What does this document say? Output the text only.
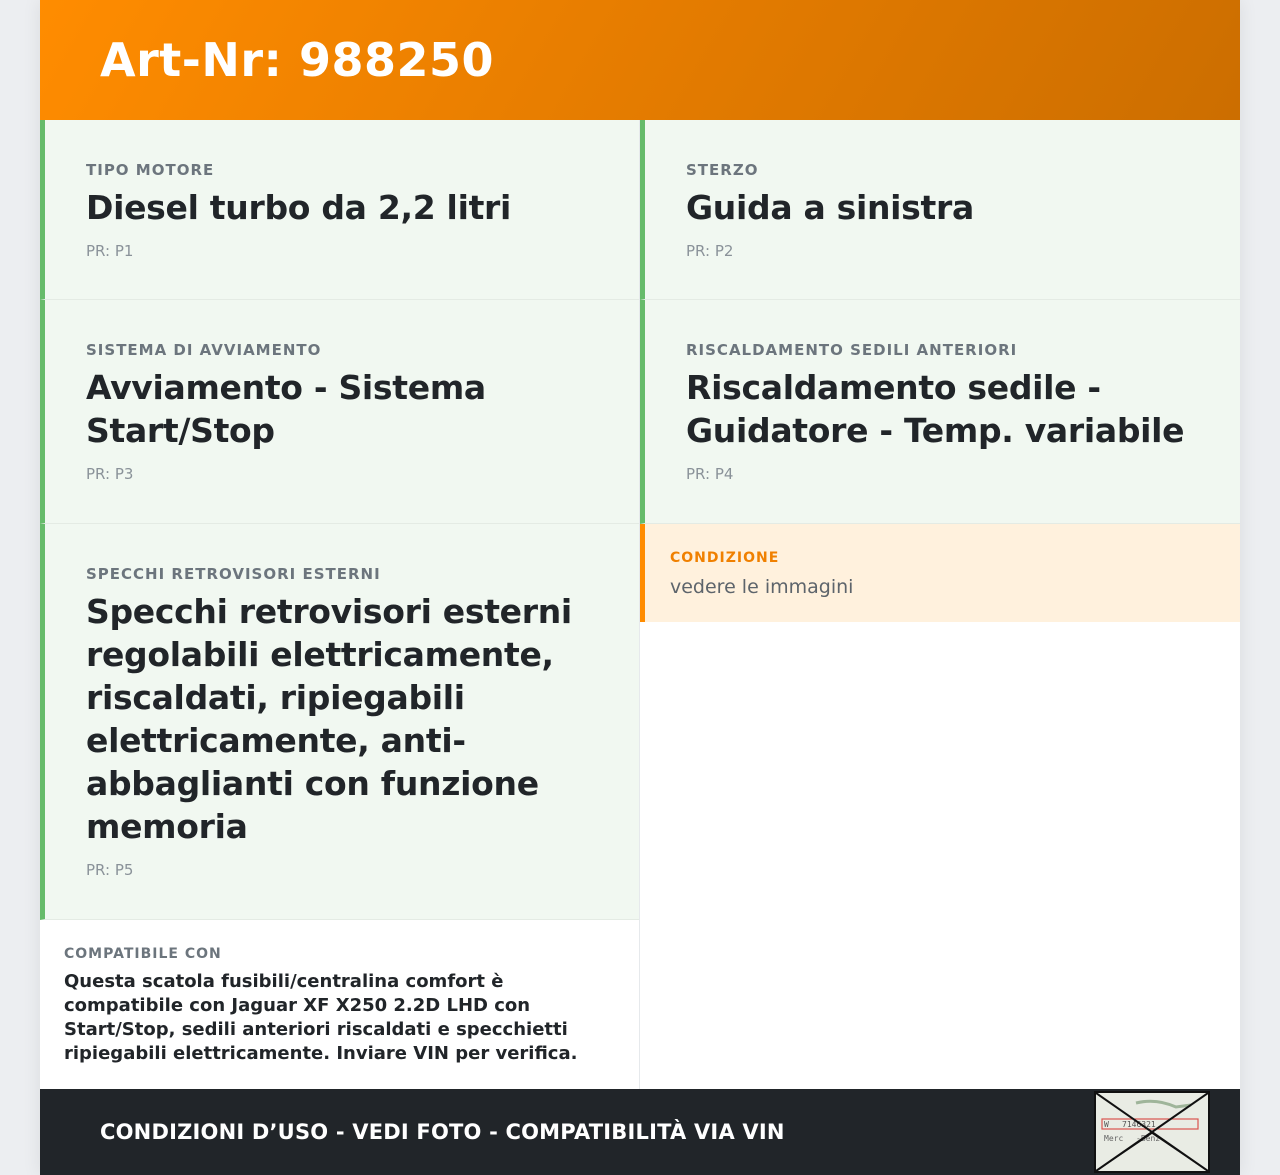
Art-Nr: 988250
TIPO MOTORE
Diesel turbo da 2,2 litri
PR: P1
SISTEMA DI AVVIAMENTO
Avviamento - Sistema Start/Stop
PR: P3
SPECCHI RETROVISORI ESTERNI
Specchi retrovisori esterni regolabili elettricamente, riscaldati, ripiegabili elettricamente, anti-abbaglianti con funzione memoria
PR: P5
COMPATIBILE CON
Questa scatola fusibili/centralina comfort è compatibile con Jaguar XF X250 2.2D LHD con Start/Stop, sedili anteriori riscaldati e specchietti ripiegabili elettricamente. Inviare VIN per verifica.
STERZO
Guida a sinistra
PR: P2
RISCALDAMENTO SEDILI ANTERIORI
Riscaldamento sedile - Guidatore - Temp. variabile
PR: P4
CONDIZIONE
vedere le immagini
CONDIZIONI D’USO - VEDI FOTO - COMPATIBILITÀ VIA VIN	W 7146321
Merc -Benz
